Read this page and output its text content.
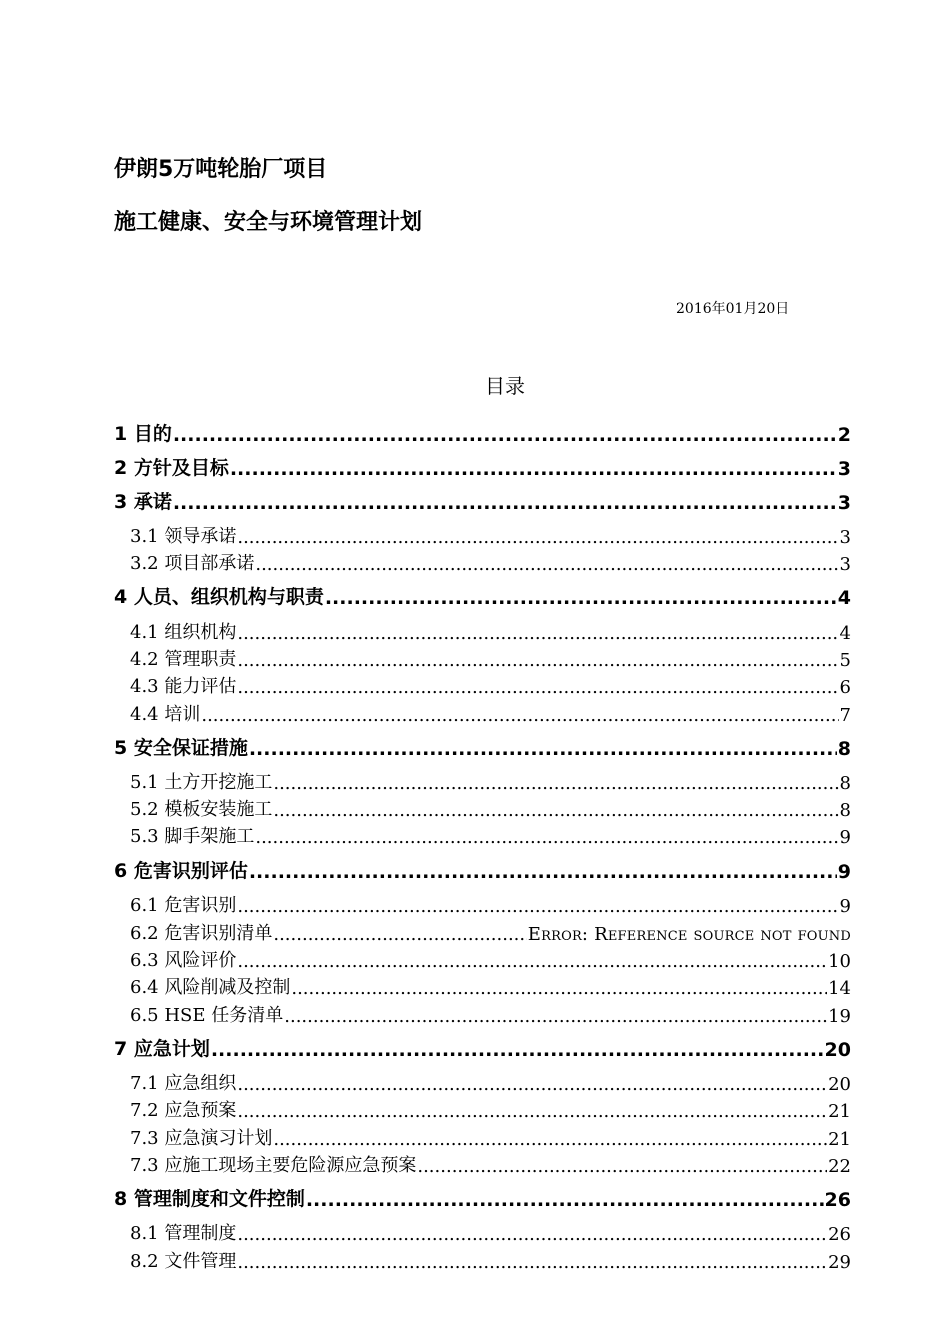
伊朗5万吨轮胎厂项目
施工健康、安全与环境管理计划
2016年01月20日
目录
1 目的 .....	2
2 方针及目标 .....	3
3 承诺 .....	3
3.1 领导承诺 .....	3
3.2 项目部承诺 .....	3
4 人员、组织机构与职责 .....	4
4.1 组织机构 .....	4
4.2 管理职责 .....	5
4.3 能力评估 .....	6
4.4 培训 .....	7
5 安全保证措施 .....	8
5.1 土方开挖施工 .....	8
5.2 模板安装施工 .....	8
5.3 脚手架施工 .....	9
6 危害识别评估 .....	9
6.1 危害识别 .....	9
6.2 危害识别清单 .....	Error: Reference source not found
6.3 风险评价 .....	10
6.4 风险削减及控制 .....	14
6.5 HSE 任务清单 .....	19
7 应急计划 .....	20
7.1 应急组织 .....	20
7.2 应急预案 .....	21
7.3 应急演习计划 .....	21
7.3 应施工现场主要危险源应急预案 .....	22
8 管理制度和文件控制 .....	26
8.1 管理制度 .....	26
8.2 文件管理 .....	29
